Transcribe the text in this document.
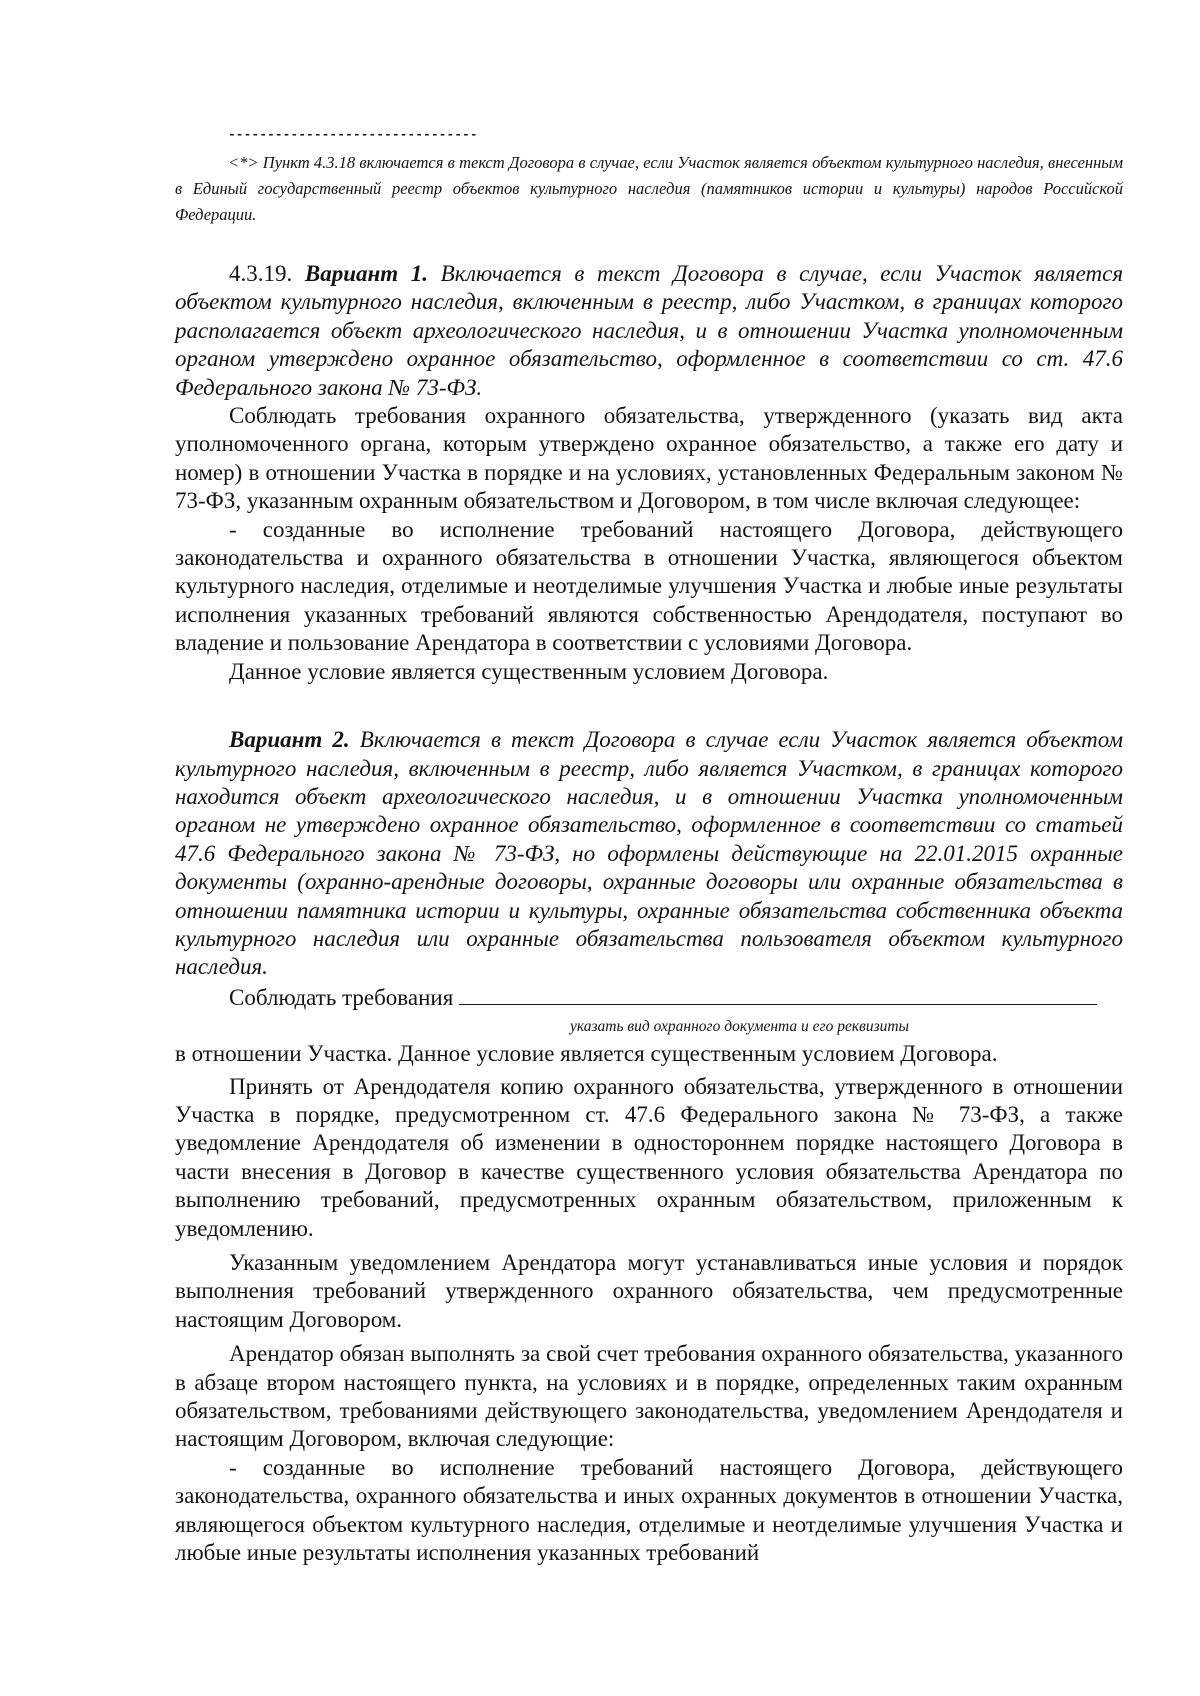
--------------------------------

<*> Пункт 4.3.18 включается в текст Договора в случае, если Участок является объектом культурного наследия, внесенным в Единый государственный реестр объектов культурного наследия (памятников истории и культуры) народов Российской Федерации.

4.3.19. Вариант 1. Включается в текст Договора в случае, если Участок является объектом культурного наследия, включенным в реестр, либо Участком, в границах которого располагается объект археологического наследия, и в отношении Участка уполномоченным органом утверждено охранное обязательство, оформленное в соответствии со ст. 47.6 Федерального закона № 73-ФЗ.

Соблюдать требования охранного обязательства, утвержденного (указать вид акта уполномоченного органа, которым утверждено охранное обязательство, а также его дату и номер) в отношении Участка в порядке и на условиях, установленных Федеральным законом № 73-ФЗ, указанным охранным обязательством и Договором, в том числе включая следующее:

- созданные во исполнение требований настоящего Договора, действующего законодательства и охранного обязательства в отношении Участка, являющегося объектом культурного наследия, отделимые и неотделимые улучшения Участка и любые иные результаты исполнения указанных требований являются собственностью Арендодателя, поступают во владение и пользование Арендатора в соответствии с условиями Договора.

Данное условие является существенным условием Договора.

Вариант 2. Включается в текст Договора в случае если Участок является объектом культурного наследия, включенным в реестр, либо является Участком, в границах которого находится объект археологического наследия, и в отношении Участка уполномоченным органом не утверждено охранное обязательство, оформленное в соответствии со статьей 47.6 Федерального закона № 73-ФЗ, но оформлены действующие на 22.01.2015 охранные документы (охранно-арендные договоры, охранные договоры или охранные обязательства в отношении памятника истории и культуры, охранные обязательства собственника объекта культурного наследия или охранные обязательства пользователя объектом культурного наследия.

Соблюдать требования

указать вид охранного документа и его реквизиты

в отношении Участка. Данное условие является существенным условием Договора.

Принять от Арендодателя копию охранного обязательства, утвержденного в отношении Участка в порядке, предусмотренном ст. 47.6 Федерального закона № 73-ФЗ, а также уведомление Арендодателя об изменении в одностороннем порядке настоящего Договора в части внесения в Договор в качестве существенного условия обязательства Арендатора по выполнению требований, предусмотренных охранным обязательством, приложенным к уведомлению.

Указанным уведомлением Арендатора могут устанавливаться иные условия и порядок выполнения требований утвержденного охранного обязательства, чем предусмотренные настоящим Договором.

Арендатор обязан выполнять за свой счет требования охранного обязательства, указанного в абзаце втором настоящего пункта, на условиях и в порядке, определенных таким охранным обязательством, требованиями действующего законодательства, уведомлением Арендодателя и настоящим Договором, включая следующие:

- созданные во исполнение требований настоящего Договора, действующего законодательства, охранного обязательства и иных охранных документов в отношении Участка, являющегося объектом культурного наследия, отделимые и неотделимые улучшения Участка и любые иные результаты исполнения указанных требований
